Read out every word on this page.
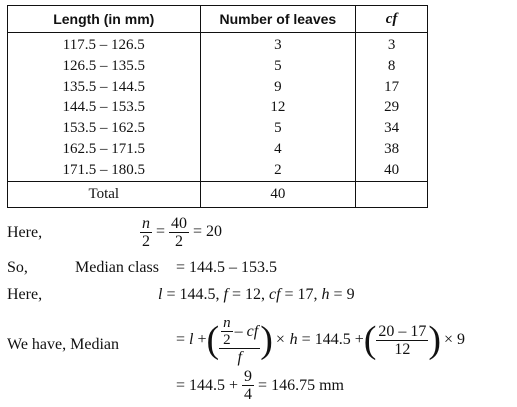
Length (in mm)	Number of leaves	cf
117.5 – 126.5	3	3
126.5 – 135.5	5	8
135.5 – 144.5	9	17
144.5 – 153.5	12	29
153.5 – 162.5	5	34
162.5 – 171.5	4	38
171.5 – 180.5	2	40
Total	40	
Here,	$\frac{n}{2} = \frac{40}{2} = 20$
So,	Median class = 144.5 – 153.5
Here,	l = 144.5, f = 12, cf = 17, h = 9
We have, Median	=
l
+ ( $\frac{\frac{n}{2} - cf}{f}$ ) × h
= 144.5 + ( $\frac{20 - 17}{12}$ ) × 9
= 144.5 +
$\frac{9}{4}$
= 146.75 mm
